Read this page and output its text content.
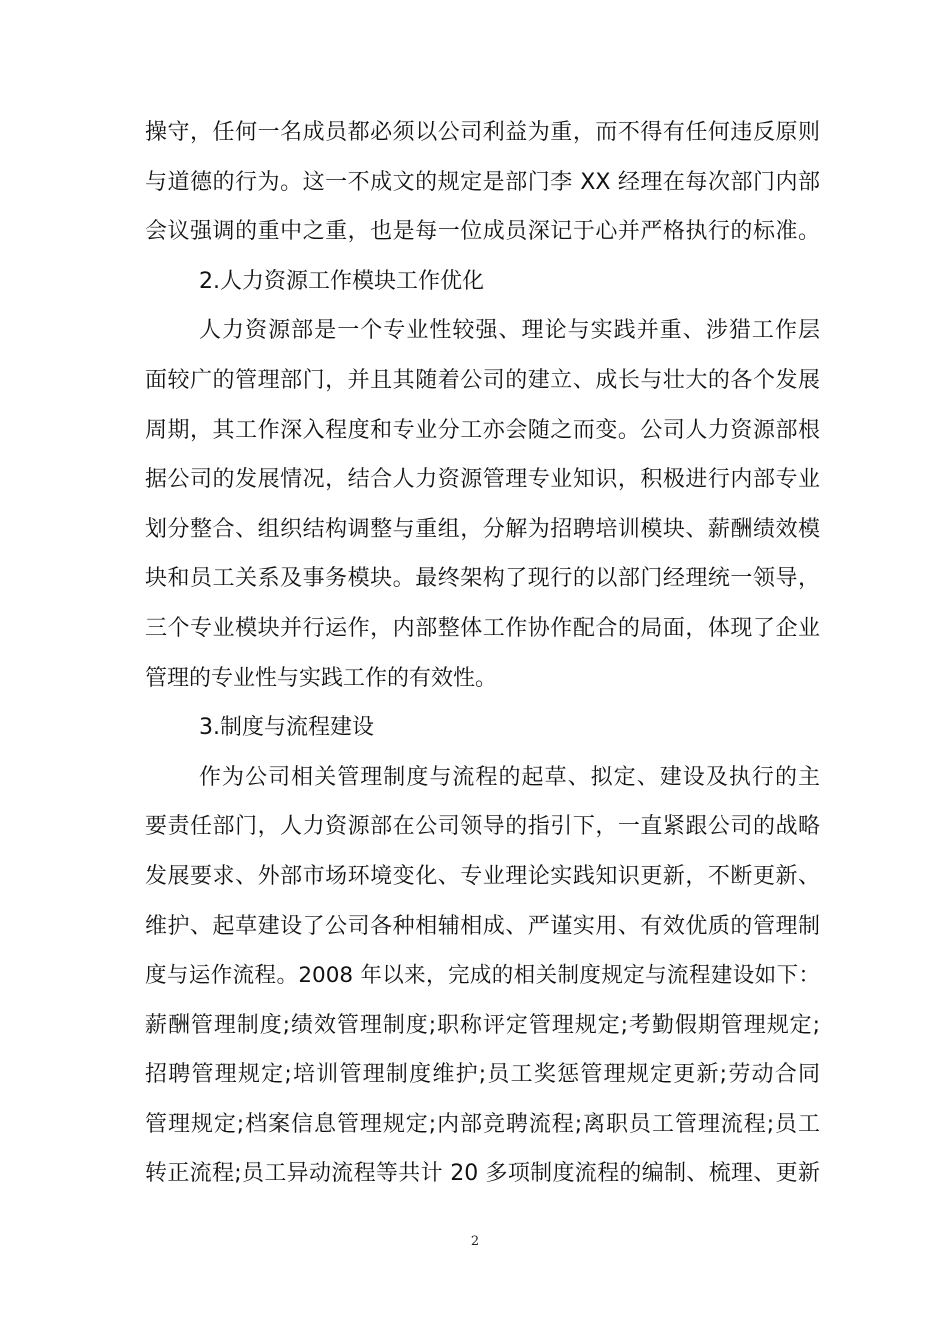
操守，任何一名成员都必须以公司利益为重，而不得有任何违反原则
与道德的行为。这一不成文的规定是部门李 XX 经理在每次部门内部
会议强调的重中之重，也是每一位成员深记于心并严格执行的标准。
2.人力资源工作模块工作优化
人力资源部是一个专业性较强、理论与实践并重、涉猎工作层
面较广的管理部门，并且其随着公司的建立、成长与壮大的各个发展
周期，其工作深入程度和专业分工亦会随之而变。公司人力资源部根
据公司的发展情况，结合人力资源管理专业知识，积极进行内部专业
划分整合、组织结构调整与重组，分解为招聘培训模块、薪酬绩效模
块和员工关系及事务模块。最终架构了现行的以部门经理统一领导，
三个专业模块并行运作，内部整体工作协作配合的局面，体现了企业
管理的专业性与实践工作的有效性。
3.制度与流程建设
作为公司相关管理制度与流程的起草、拟定、建设及执行的主
要责任部门，人力资源部在公司领导的指引下，一直紧跟公司的战略
发展要求、外部市场环境变化、专业理论实践知识更新，不断更新、
维护、起草建设了公司各种相辅相成、严谨实用、有效优质的管理制
度与运作流程。2008 年以来，完成的相关制度规定与流程建设如下：
薪酬管理制度;绩效管理制度;职称评定管理规定;考勤假期管理规定;
招聘管理规定;培训管理制度维护;员工奖惩管理规定更新;劳动合同
管理规定;档案信息管理规定;内部竞聘流程;离职员工管理流程;员工
转正流程;员工异动流程等共计 20 多项制度流程的编制、梳理、更新
2
